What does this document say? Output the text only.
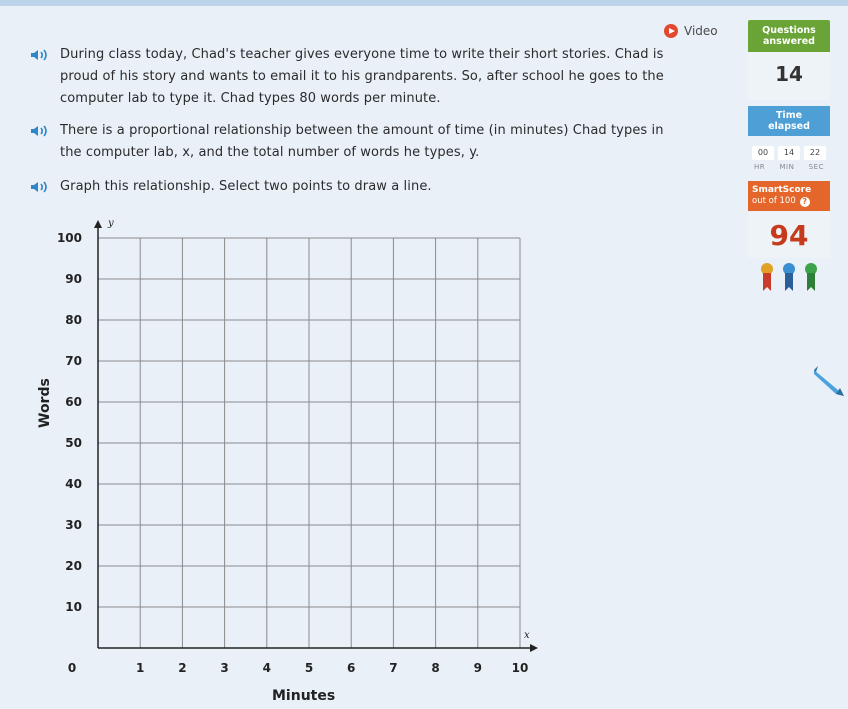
Video
During class today, Chad's teacher gives everyone time to write their short stories. Chad is proud of his story and wants to email it to his grandparents. So, after school he goes to the computer lab to type it. Chad types 80 words per minute.
There is a proportional relationship between the amount of time (in minutes) Chad types in the computer lab, x, and the total number of words he types, y.
Graph this relationship. Select two points to draw a line.
Questions
answered
14
Time
elapsed
00	14	22
HR MIN SEC
SmartScore
out of 100 ?
94
y
x
0	1	2	3	4	5	6	7	8	9 10
10
20
30
40
50
60
70
80
90
100
Words
Minutes
